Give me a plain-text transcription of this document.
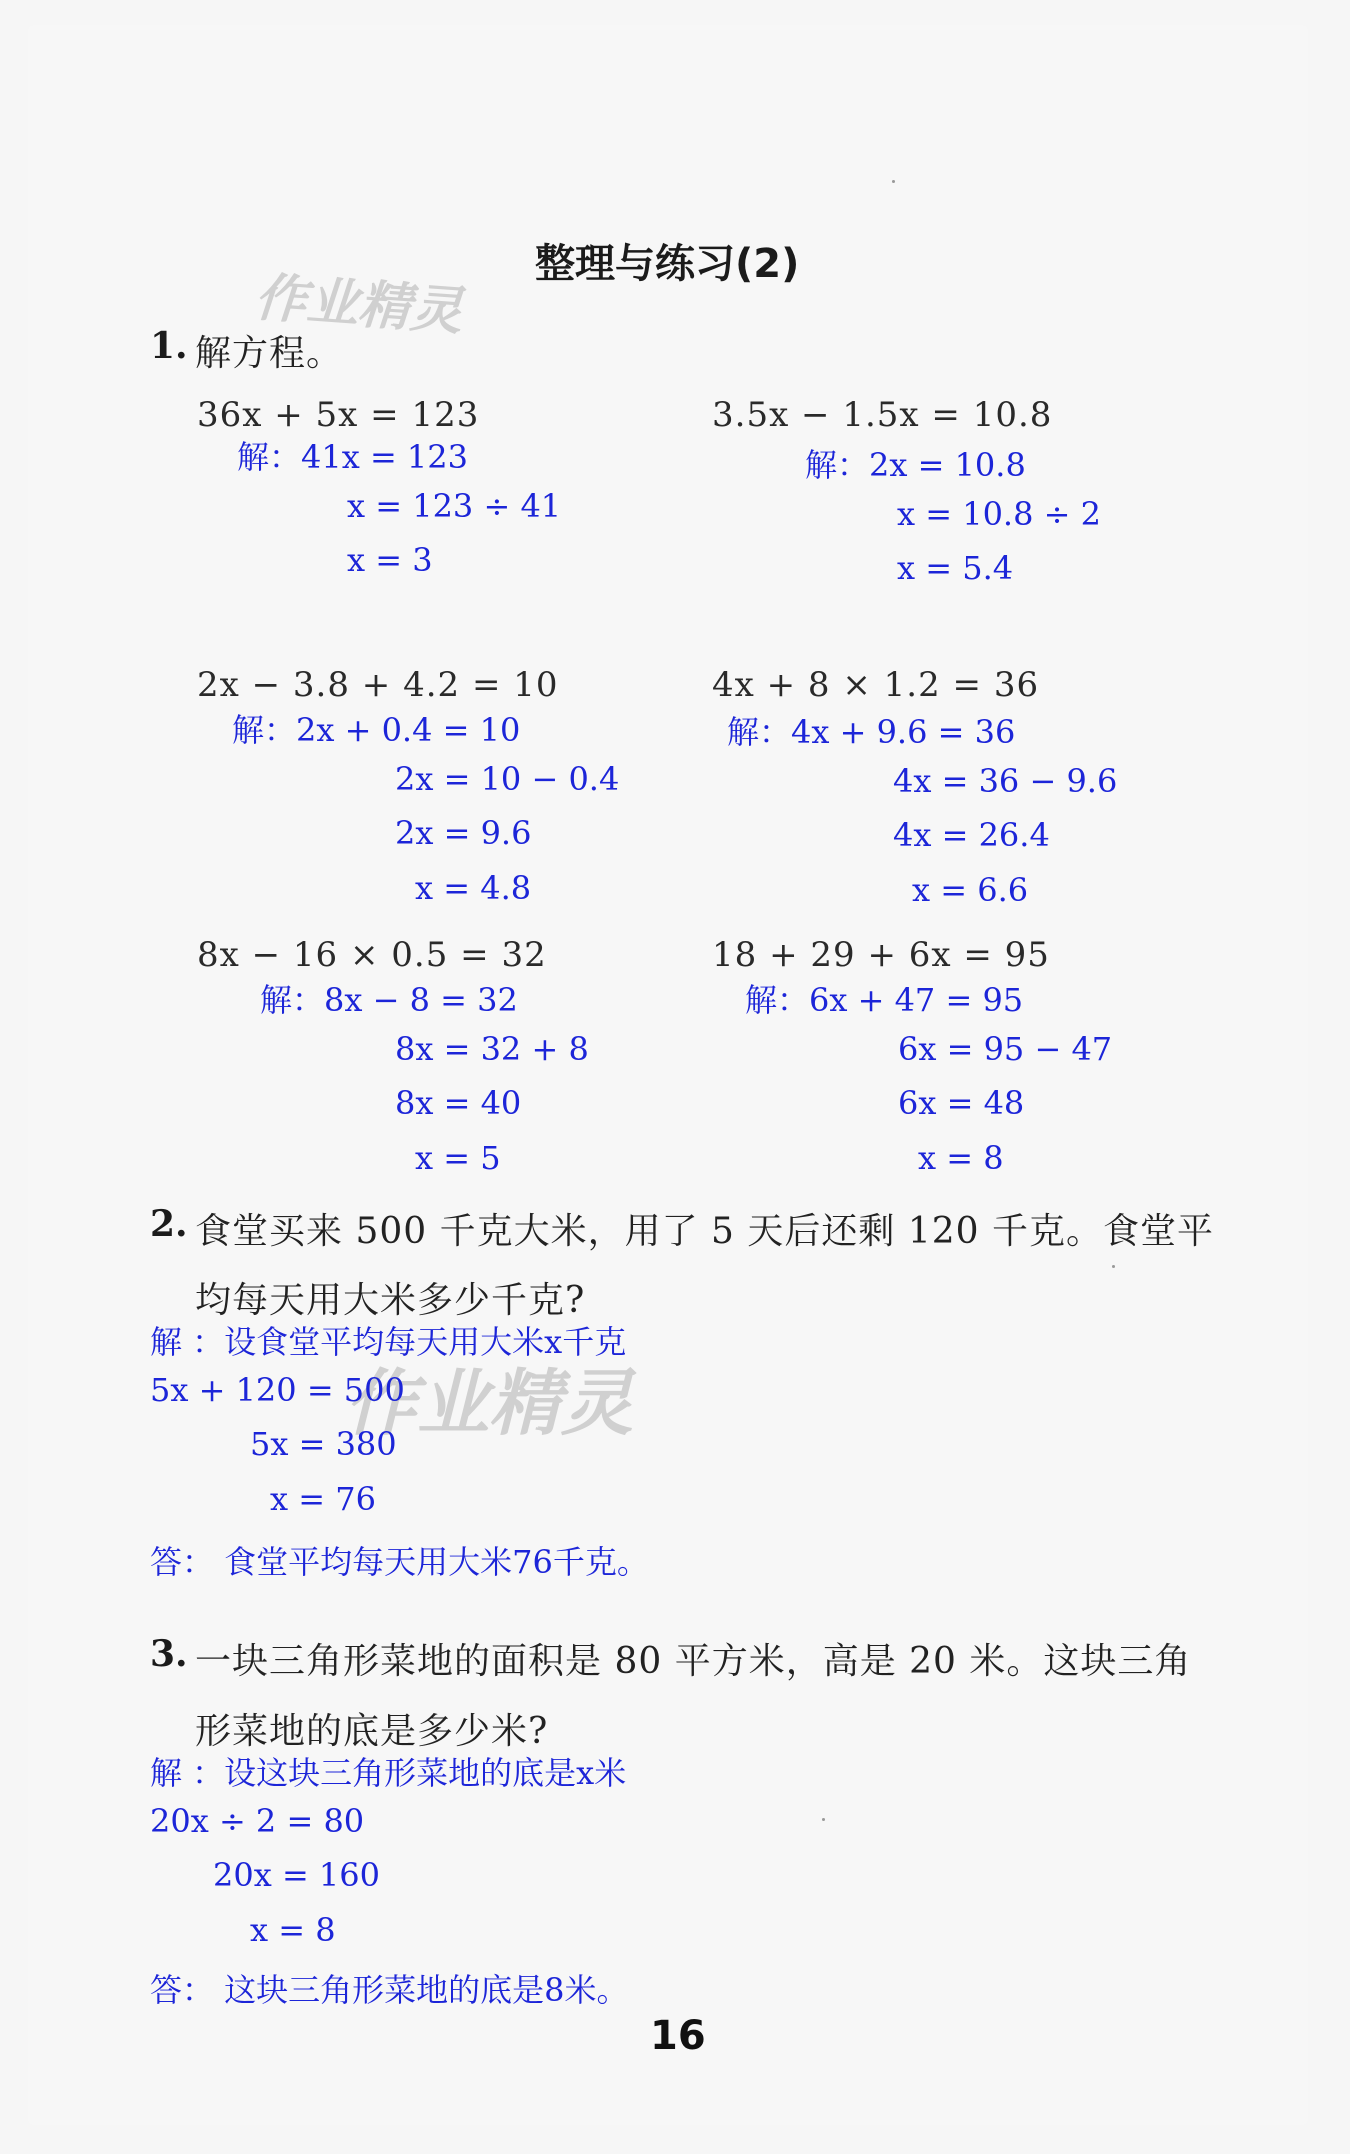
作业精灵
作业精灵
整理与练习(2)
1. 解方程。
36x + 5x = 123
解：41x = 123
x = 123 ÷ 41
x = 3
3.5x − 1.5x = 10.8
解：2x = 10.8
x = 10.8 ÷ 2
x = 5.4
2x − 3.8 + 4.2 = 10
解：2x + 0.4 = 10
2x = 10 − 0.4
2x = 9.6
x = 4.8
4x + 8 × 1.2 = 36
解：4x + 9.6 = 36
4x = 36 − 9.6
4x = 26.4
x = 6.6
8x − 16 × 0.5 = 32
解：8x − 8 = 32
8x = 32 + 8
8x = 40
x = 5
18 + 29 + 6x = 95
解：6x + 47 = 95
6x = 95 − 47
6x = 48
x = 8
2. 食堂买来 500 千克大米，用了 5 天后还剩 120 千克。食堂平
均每天用大米多少千克?
解 ：设食堂平均每天用大米x千克
5x + 120 = 500
5x = 380
x = 76
答： 食堂平均每天用大米76千克。
3. 一块三角形菜地的面积是 80 平方米，高是 20 米。这块三角
形菜地的底是多少米?
解 ：设这块三角形菜地的底是x米
20x ÷ 2 = 80
20x = 160
x = 8
答： 这块三角形菜地的底是8米。
16
